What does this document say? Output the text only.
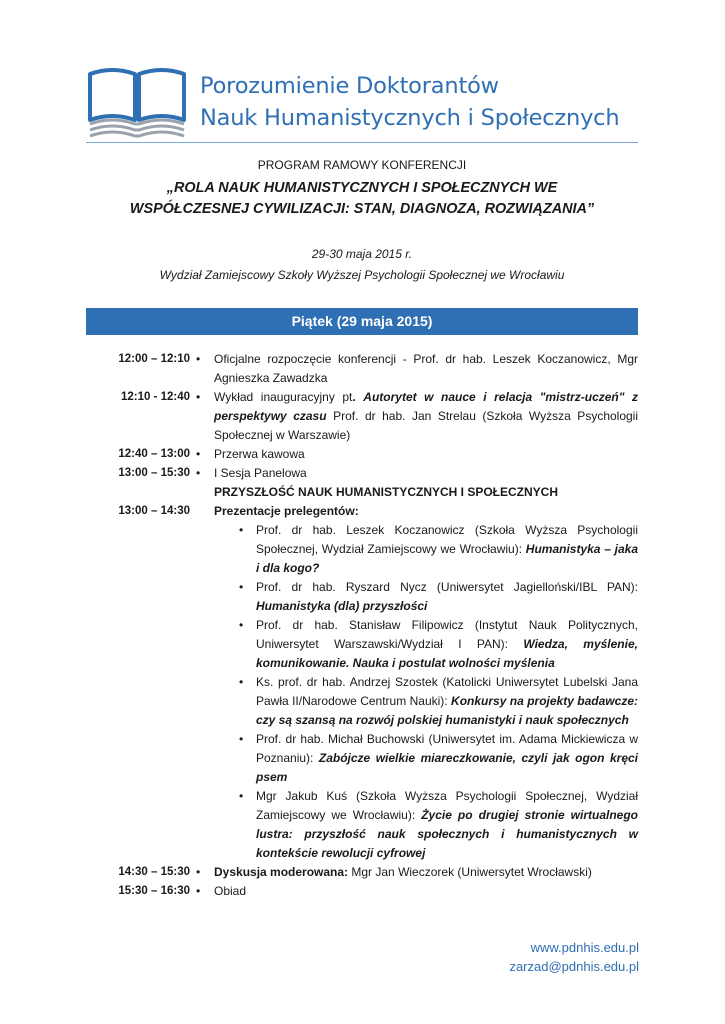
Porozumienie Doktorantów
Nauk Humanistycznych i Społecznych
PROGRAM RAMOWY KONFERENCJI
„ROLA NAUK HUMANISTYCZNYCH I SPOŁECZNYCH WE
WSPÓŁCZESNEJ CYWILIZACJI: STAN, DIAGNOZA, ROZWIĄZANIA”
29-30 maja 2015 r.
Wydział Zamiejscowy Szkoły Wyższej Psychologii Społecznej we Wrocławiu
Piątek (29 maja 2015)
12:00 – 12:10 • Oficjalne rozpoczęcie konferencji - Prof. dr hab. Leszek Koczanowicz, Mgr Agnieszka Zawadzka
12:10 - 12:40 • Wykład inauguracyjny pt. Autorytet w nauce i relacja "mistrz-uczeń" z perspektywy czasu Prof. dr hab. Jan Strelau (Szkoła Wyższa Psychologii Społecznej w Warszawie)
12:40 – 13:00 • Przerwa kawowa
13:00 – 15:30 • I Sesja Panelowa
PRZYSZŁOŚĆ NAUK HUMANISTYCZNYCH I SPOŁECZNYCH
13:00 – 14:30 Prezentacje prelegentów:
• Prof. dr hab. Leszek Koczanowicz (Szkoła Wyższa Psychologii Społecznej, Wydział Zamiejscowy we Wrocławiu): Humanistyka – jaka i dla kogo?
• Prof. dr hab. Ryszard Nycz (Uniwersytet Jagielloński/IBL PAN): Humanistyka (dla) przyszłości
• Prof. dr hab. Stanisław Filipowicz (Instytut Nauk Politycznych, Uniwersytet Warszawski/Wydział I PAN): Wiedza, myślenie, komunikowanie. Nauka i postulat wolności myślenia
• Ks. prof. dr hab. Andrzej Szostek (Katolicki Uniwersytet Lubelski Jana Pawła II/Narodowe Centrum Nauki): Konkursy na projekty badawcze: czy są szansą na rozwój polskiej humanistyki i nauk społecznych
• Prof. dr hab. Michał Buchowski (Uniwersytet im. Adama Mickiewicza w Poznaniu): Zabójcze wielkie miareczkowanie, czyli jak ogon kręci psem
• Mgr Jakub Kuś (Szkoła Wyższa Psychologii Społecznej, Wydział Zamiejscowy we Wrocławiu): Życie po drugiej stronie wirtualnego lustra: przyszłość nauk społecznych i humanistycznych w kontekście rewolucji cyfrowej
14:30 – 15:30 • Dyskusja moderowana: Mgr Jan Wieczorek (Uniwersytet Wrocławski)
15:30 – 16:30 • Obiad
www.pdnhis.edu.pl
zarzad@pdnhis.edu.pl
